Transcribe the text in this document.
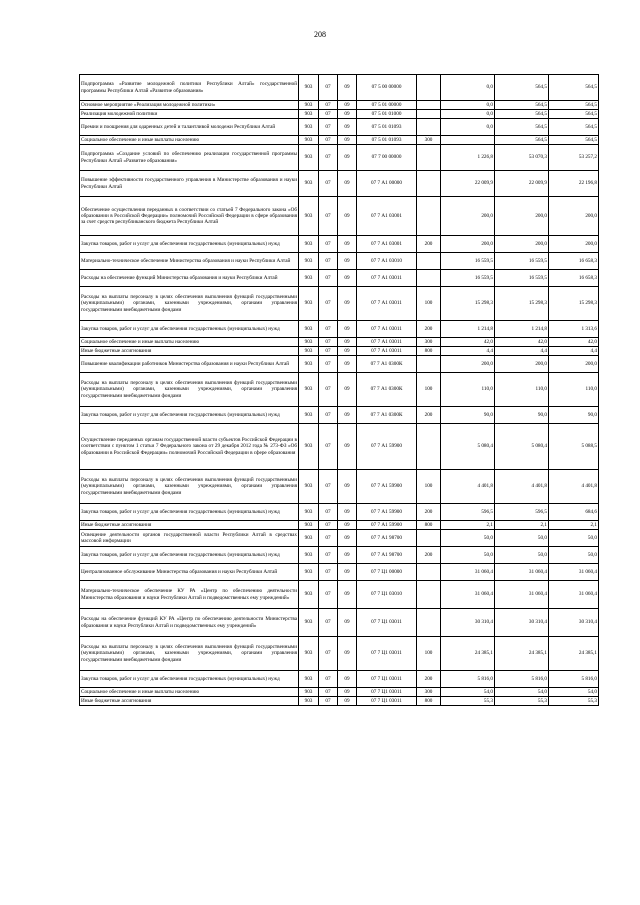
208
Подпрограмма «Развитие молодежной политики Республики Алтай» государственной программы Республики Алтай «Развитие образования»	903	07	09	07 5 00 00000		0,0	564,5	564,5
Основное мероприятие «Реализация молодежной политики»	903	07	09	07 5 01 00000		0,0	564,5	564,5
Реализация молодежной политики	903	07	09	07 5 01 01000		0,0	564,5	564,5
Премии и поощрения для одаренных детей и талантливой молодежи Республики Алтай	903	07	09	07 5 01 01093		0,0	564,5	564,5
Социальное обеспечение и иные выплаты населению	903	07	09	07 5 01 01093	300		564,5	564,5
Подпрограмма «Создание условий по обеспечению реализации государственной программы Республики Алтай «Развитие образования»	903	07	09	07 7 00 00000		1 226,8	53 070,3	53 257,2
Повышение эффективности государственного управления в Министерстве образования и науки Республики Алтай	903	07	09	07 7 А1 00000		22 009,9	22 009,9	22 196,8
Обеспечение осуществления переданных в соответствии со статьей 7 Федерального закона «Об образовании в Российской Федерации» полномочий Российской Федерации в сфере образования за счет средств республиканского бюджета Республики Алтай	903	07	09	07 7 А1 03001		200,0	200,0	200,0
Закупка товаров, работ и услуг для обеспечения государственных (муниципальных) нужд	903	07	09	07 7 А1 03001	200	200,0	200,0	200,0
Материально-техническое обеспечение Министерства образования и науки Республики Алтай	903	07	09	07 7 А1 03010		16 559,5	16 559,5	16 658,3
Расходы на обеспечение функций Министерства образования и науки Республики Алтай	903	07	09	07 7 А1 03011		16 559,5	16 559,5	16 658,3
Расходы на выплаты персоналу в целях обеспечения выполнения функций государственными (муниципальными) органами, казенными учреждениями, органами управления государственными внебюджетными фондами	903	07	09	07 7 А1 03011	100	15 298,3	15 298,3	15 298,3
Закупка товаров, работ и услуг для обеспечения государственных (муниципальных) нужд	903	07	09	07 7 А1 03011	200	1 214,8	1 214,8	1 313,6
Социальное обеспечение и иные выплаты населению	903	07	09	07 7 А1 03011	300	42,0	42,0	42,0
Иные бюджетные ассигнования	903	07	09	07 7 А1 03011	800	4,4	4,4	4,4
Повышение квалификации работников Министерства образования и науки Республики Алтай	903	07	09	07 7 А1 0300К		200,0	200,0	200,0
Расходы на выплаты персоналу в целях обеспечения выполнения функций государственными (муниципальными) органами, казенными учреждениями, органами управления государственными внебюджетными фондами	903	07	09	07 7 А1 0300К	100	110,0	110,0	110,0
Закупка товаров, работ и услуг для обеспечения государственных (муниципальных) нужд	903	07	09	07 7 А1 0300К	200	90,0	90,0	90,0
Осуществление переданных органам государственной власти субъектов Российской Федерации в соответствии с пунктом 1 статьи 7 Федерального закона от 29 декабря 2012 года № 273-ФЗ «Об образовании в Российской Федерации» полномочий Российской Федерации в сфере образования	903	07	09	07 7 А1 59900		5 080,4	5 080,4	5 088,5
Расходы на выплаты персоналу в целях обеспечения выполнения функций государственными (муниципальными) органами, казенными учреждениями, органами управления государственными внебюджетными фондами	903	07	09	07 7 А1 59900	100	4 401,8	4 401,8	4 401,8
Закупка товаров, работ и услуг для обеспечения государственных (муниципальных) нужд	903	07	09	07 7 А1 59900	200	596,5	596,5	684,6
Иные бюджетные ассигнования	903	07	09	07 7 А1 59900	800	2,1	2,1	2,1
Освещение деятельности органов государственной власти Республики Алтай в средствах массовой информации	903	07	09	07 7 А1 98700		50,0	50,0	50,0
Закупка товаров, работ и услуг для обеспечения государственных (муниципальных) нужд	903	07	09	07 7 А1 98700	200	50,0	50,0	50,0
Централизованное обслуживание Министерства образования и науки Республики Алтай	903	07	09	07 7 Ц1 00000		31 060,4	31 060,4	31 060,4
Материально-техническое обеспечение КУ РА «Центр по обеспечению деятельности Министерства образования и науки Республики Алтай и подведомственных ему учреждений»	903	07	09	07 7 Ц1 03010		31 060,4	31 060,4	31 060,4
Расходы на обеспечение функций КУ РА «Центр по обеспечению деятельности Министерства образования и науки Республики Алтай и подведомственных ему учреждений»	903	07	09	07 7 Ц1 03011		30 310,4	30 310,4	30 310,4
Расходы на выплаты персоналу в целях обеспечения выполнения функций государственными (муниципальными) органами, казенными учреждениями, органами управления государственными внебюджетными фондами	903	07	09	07 7 Ц1 03011	100	24 385,1	24 385,1	24 385,1
Закупка товаров, работ и услуг для обеспечения государственных (муниципальных) нужд	903	07	09	07 7 Ц1 03011	200	5 816,0	5 816,0	5 816,0
Социальное обеспечение и иные выплаты населению	903	07	09	07 7 Ц1 03011	300	54,0	54,0	54,0
Иные бюджетные ассигнования	903	07	09	07 7 Ц1 03011	800	55,3	55,3	55,3
